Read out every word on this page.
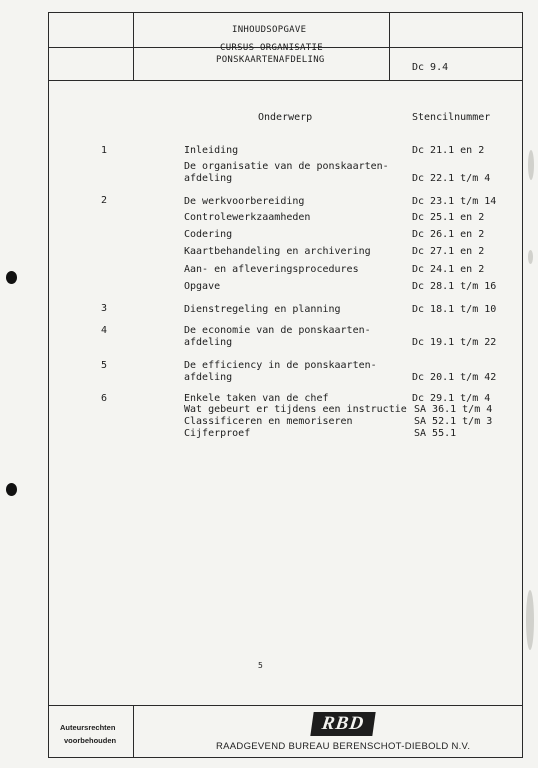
INHOUDSOPGAVE
CURSUS ORGANISATIE
PONSKAARTENAFDELING
Dc 9.4
Onderwerp	Stencilnummer
1	Inleiding	Dc 21.1 en 2
De organisatie van de ponskaarten-
afdeling	Dc 22.1 t/m 4
2	De werkvoorbereiding	Dc 23.1 t/m 14
Controlewerkzaamheden	Dc 25.1 en 2
Codering	Dc 26.1 en 2
Kaartbehandeling en archivering	Dc 27.1 en 2
Aan- en afleveringsprocedures	Dc 24.1 en 2
Opgave	Dc 28.1 t/m 16
3	Dienstregeling en planning	Dc 18.1 t/m 10
4	De economie van de ponskaarten-
afdeling	Dc 19.1 t/m 22
5	De efficiency in de ponskaarten-
afdeling	Dc 20.1 t/m 42
6	Enkele taken van de chef	Dc 29.1 t/m 4
Wat gebeurt er tijdens een instructie SA 36.1 t/m 4
Classificeren en memoriseren	SA 52.1 t/m 3
Cijferproef	SA 55.1
5
Auteursrechten
voorbehouden
RBD
RAADGEVEND BUREAU BERENSCHOT-DIEBOLD N.V.
